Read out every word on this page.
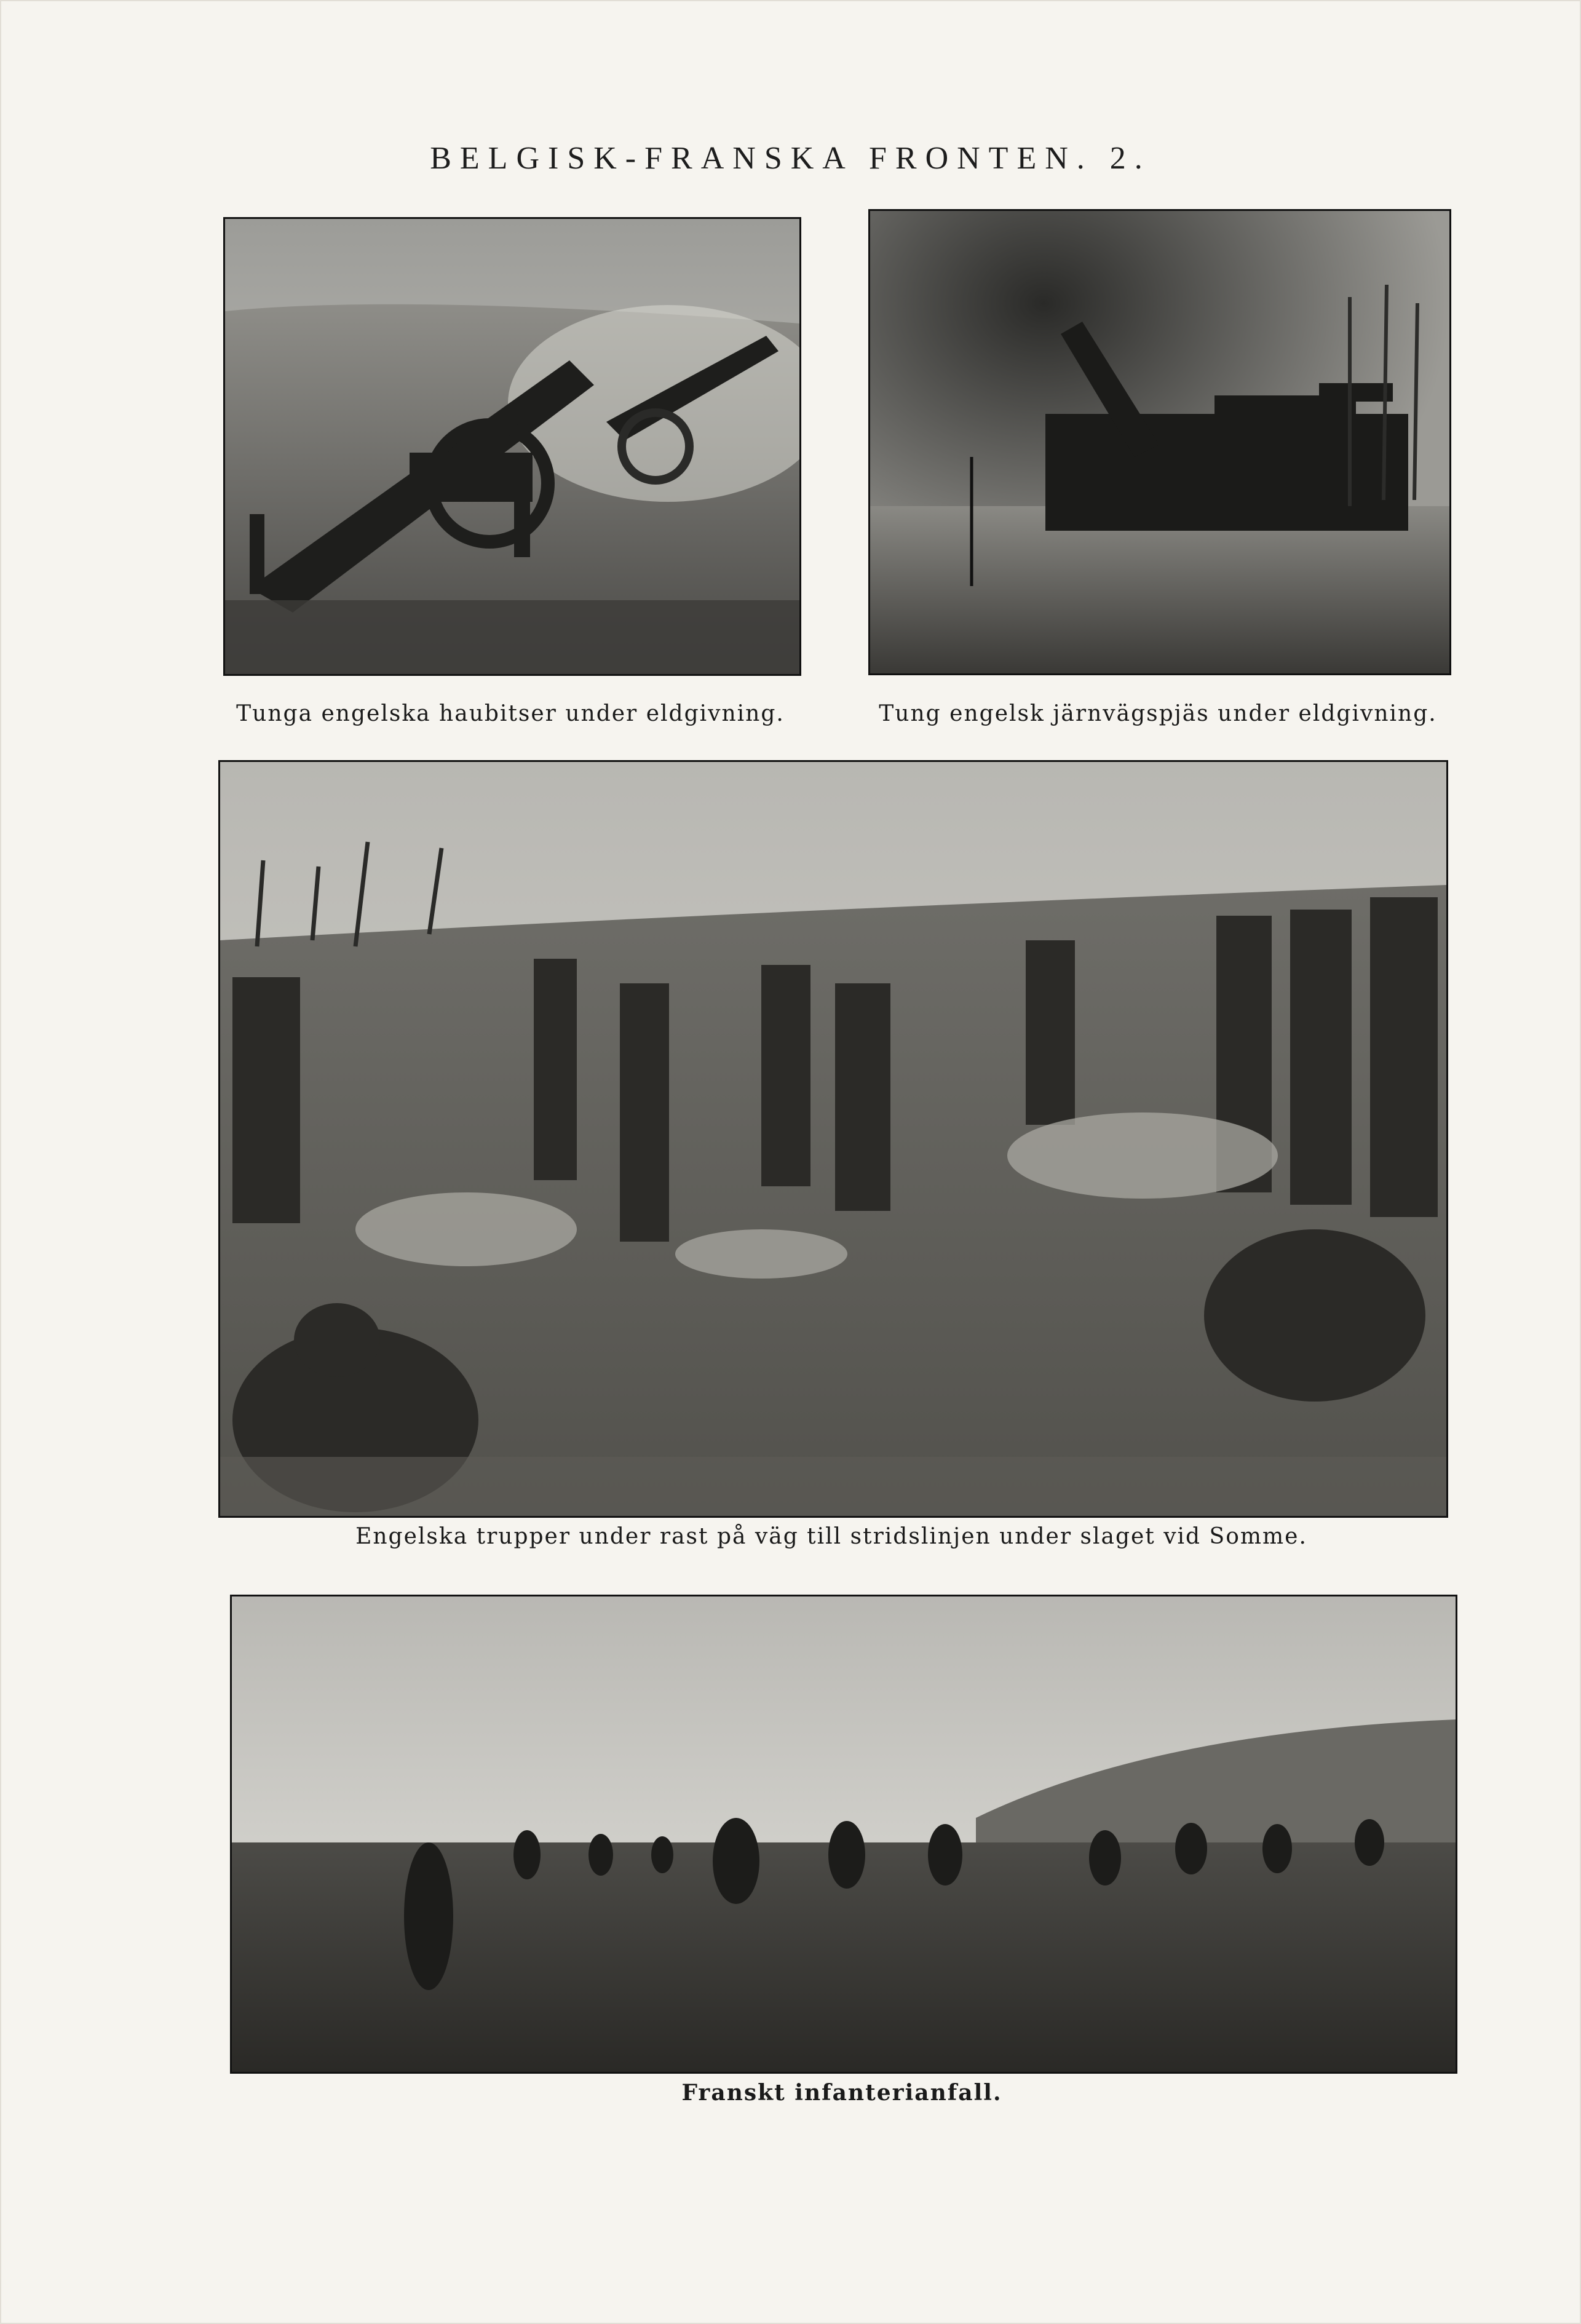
BELGISK-FRANSKA FRONTEN. 2.
Tunga engelska haubitser under eldgivning.	Tung engelsk järnvägspjäs under eldgivning.
Engelska trupper under rast på väg till stridslinjen under slaget vid Somme.
Franskt infanterianfall.
